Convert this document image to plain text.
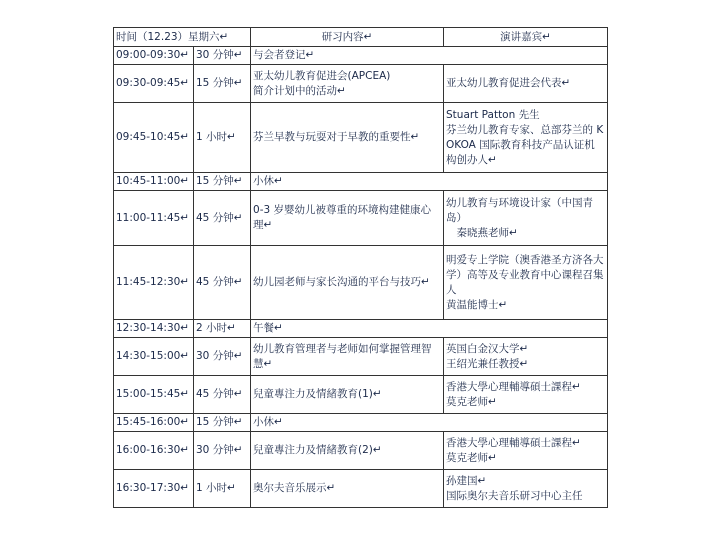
时间（12.23）星期六↵		研习内容↵	演讲嘉宾↵
09:00-09:30↵	30 分钟↵	与会者登记↵	
09:30-09:45↵	15 分钟↵	亚太幼儿教育促进会(APCEA)
简介计划中的活动↵	亚太幼儿教育促进会代表↵
09:45-10:45↵	1 小时↵	芬兰早教与玩耍对于早教的重要性↵	Stuart Patton 先生
芬兰幼儿教育专家、总部芬兰的 KOKOA 国际教育科技产品认证机构创办人↵
10:45-11:00↵	15 分钟↵	小休↵	
11:00-11:45↵	45 分钟↵	0-3 岁婴幼儿被尊重的环境构建健康心理↵	幼儿教育与环境设计家（中国青岛）
　秦晓燕老师↵
11:45-12:30↵	45 分钟↵	幼儿园老师与家长沟通的平台与技巧↵	明爱专上学院（澳香港圣方济各大学）高等及专业教育中心课程召集人
黄温能博士↵
12:30-14:30↵	2 小时↵	午餐↵	
14:30-15:00↵	30 分钟↵	幼儿教育管理者与老师如何掌握管理智慧↵	英国白金汉大学↵
王绍光兼任教授↵
15:00-15:45↵	45 分钟↵	兒童專注力及情緒教育(1)↵	香港大學心理輔導碩士課程↵
莫克老师↵
15:45-16:00↵	15 分钟↵	小休↵	
16:00-16:30↵	30 分钟↵	兒童專注力及情緒教育(2)↵	香港大學心理輔導碩士課程↵
莫克老师↵
16:30-17:30↵	1 小时↵	奥尔夫音乐展示↵	孙建国↵
国际奥尔夫音乐研习中心主任
